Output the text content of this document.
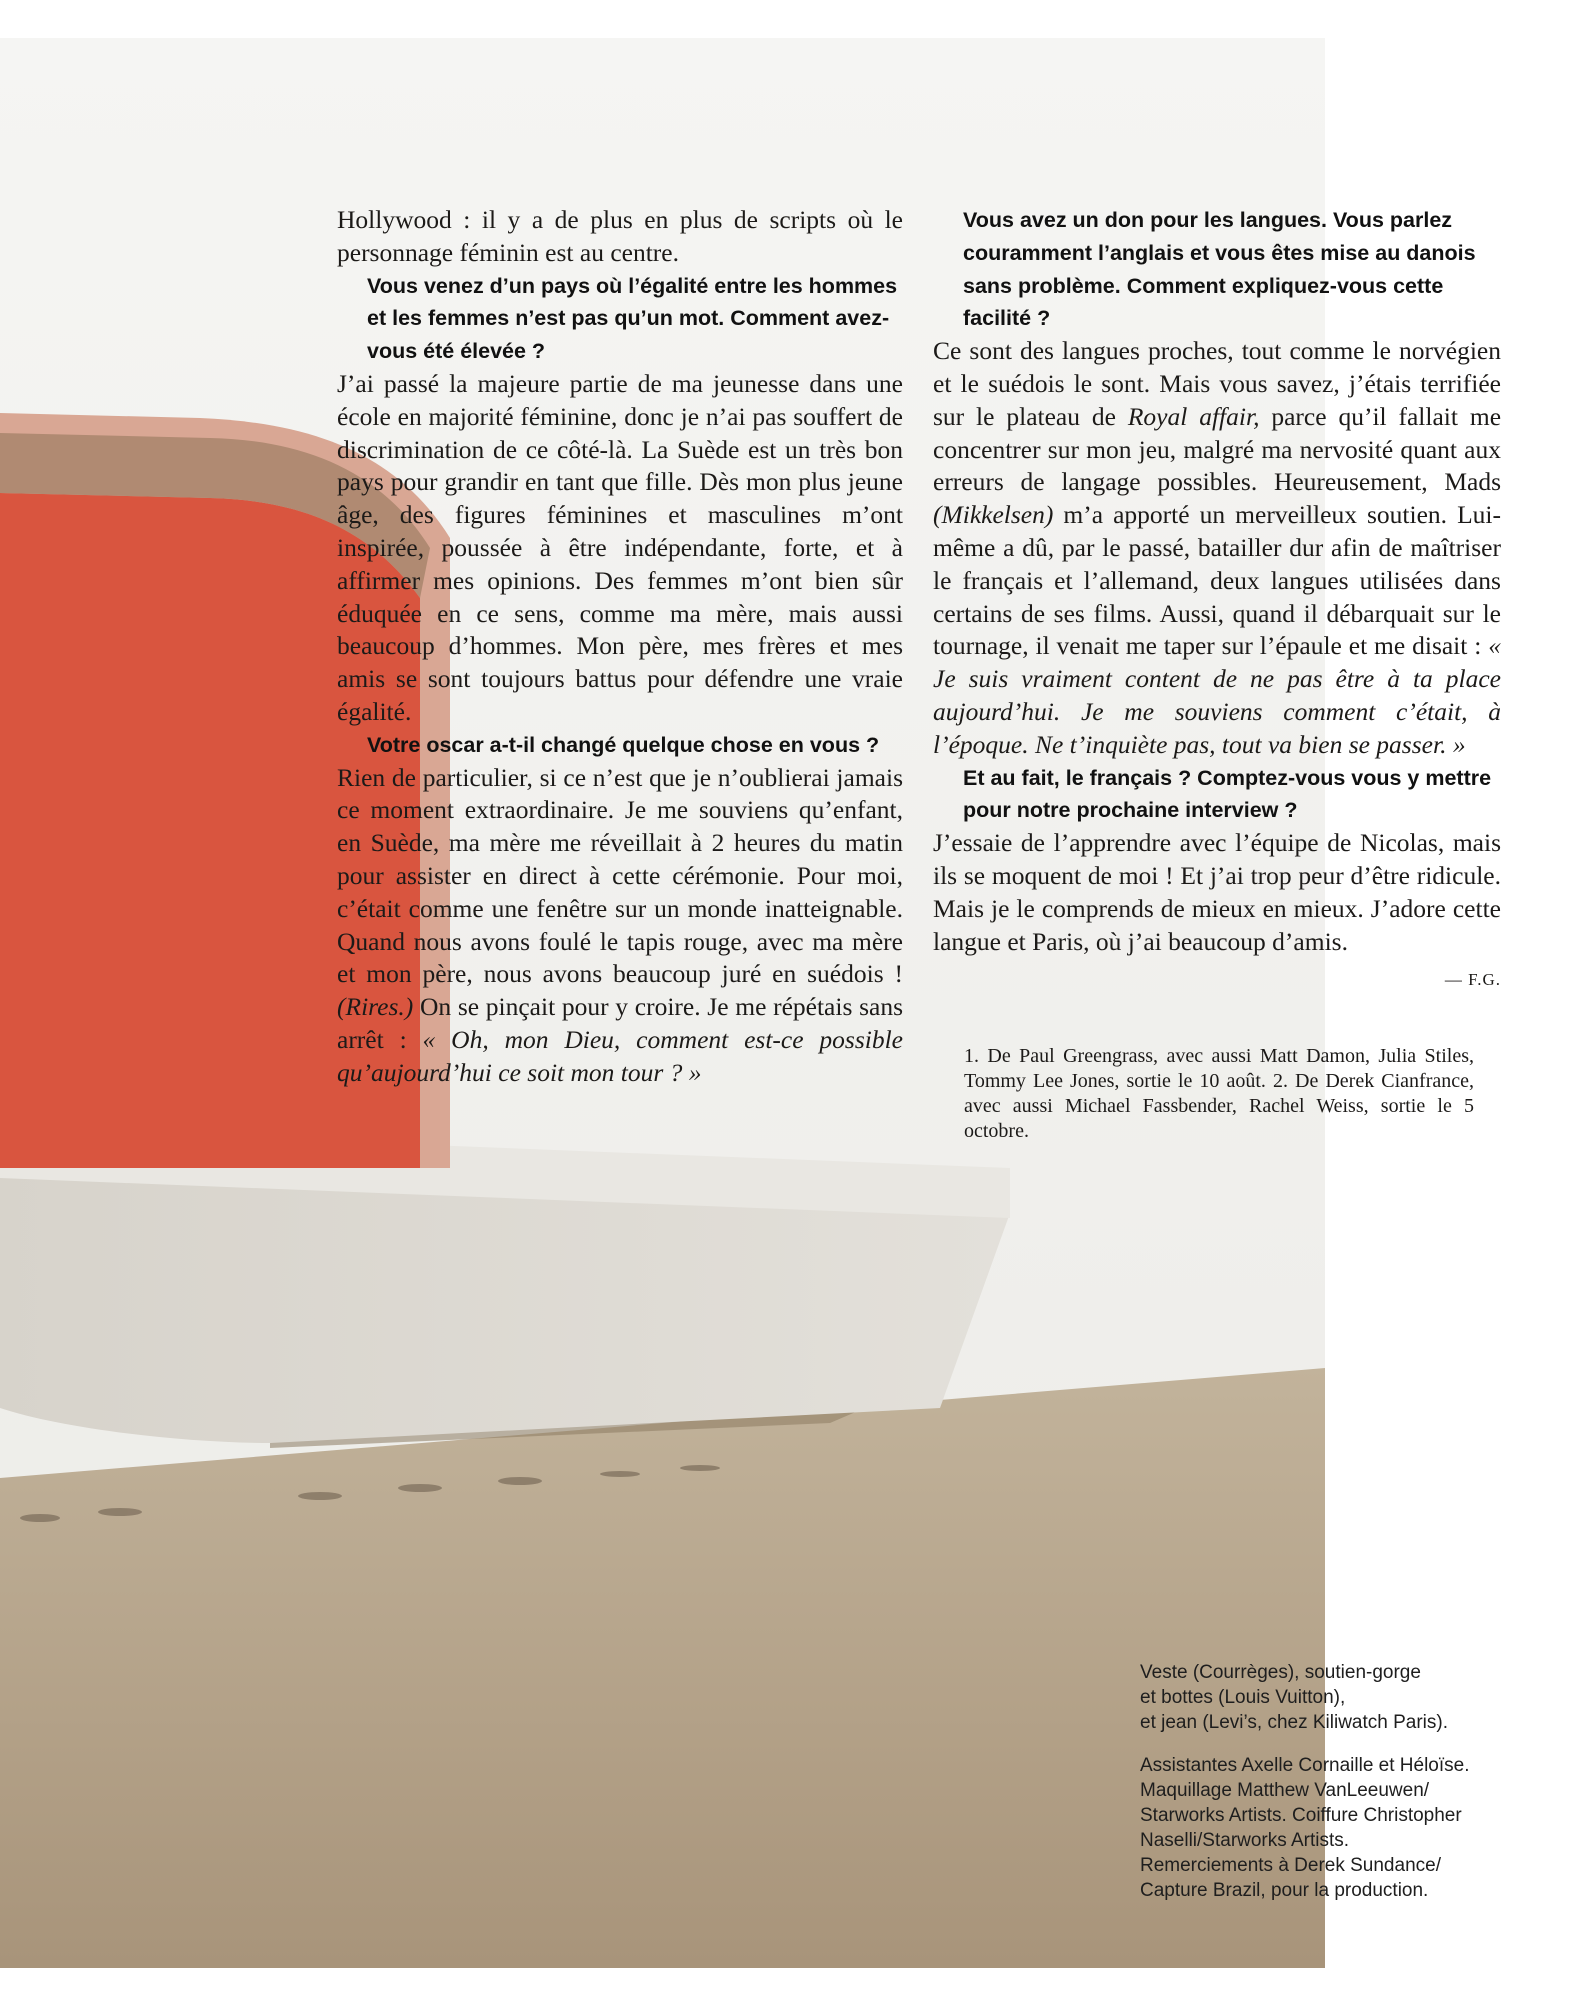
Hollywood : il y a de plus en plus de scripts où le personnage féminin est au centre.

Vous venez d’un pays où l’égalité entre les hommes et les femmes n’est pas qu’un mot. Comment avez-vous été élevée ?

J’ai passé la majeure partie de ma jeunesse dans une école en majorité féminine, donc je n’ai pas souffert de discrimination de ce côté-là. La Suède est un très bon pays pour grandir en tant que fille. Dès mon plus jeune âge, des figures féminines et masculines m’ont inspirée, poussée à être indépendante, forte, et à affirmer mes opinions. Des femmes m’ont bien sûr éduquée en ce sens, comme ma mère, mais aussi beaucoup d’hommes. Mon père, mes frères et mes amis se sont toujours battus pour défendre une vraie égalité.

Votre oscar a-t-il changé quelque chose en vous ?

Rien de particulier, si ce n’est que je n’oublierai jamais ce moment extraordinaire. Je me souviens qu’enfant, en Suède, ma mère me réveillait à 2 heures du matin pour assister en direct à cette cérémonie. Pour moi, c’était comme une fenêtre sur un monde inatteignable. Quand nous avons foulé le tapis rouge, avec ma mère et mon père, nous avons beaucoup juré en suédois ! (Rires.) On se pinçait pour y croire. Je me répétais sans arrêt : « Oh, mon Dieu, comment est-ce possible qu’aujourd’hui ce soit mon tour ? »

Vous avez un don pour les langues. Vous parlez couramment l’anglais et vous êtes mise au danois sans problème. Comment expliquez-vous cette facilité ?

Ce sont des langues proches, tout comme le norvégien et le suédois le sont. Mais vous savez, j’étais terrifiée sur le plateau de Royal affair, parce qu’il fallait me concentrer sur mon jeu, malgré ma nervosité quant aux erreurs de langage possibles. Heureusement, Mads (Mikkelsen) m’a apporté un merveilleux soutien. Lui-même a dû, par le passé, batailler dur afin de maîtriser le français et l’allemand, deux langues utilisées dans certains de ses films. Aussi, quand il débarquait sur le tournage, il venait me taper sur l’épaule et me disait : « Je suis vraiment content de ne pas être à ta place aujourd’hui. Je me souviens comment c’était, à l’époque. Ne t’inquiète pas, tout va bien se passer. »

Et au fait, le français ? Comptez-vous vous y mettre pour notre prochaine interview ?

J’essaie de l’apprendre avec l’équipe de Nicolas, mais ils se moquent de moi ! Et j’ai trop peur d’être ridicule. Mais je le comprends de mieux en mieux. J’adore cette langue et Paris, où j’ai beaucoup d’amis.

— F.G.

1. De Paul Greengrass, avec aussi Matt Damon, Julia Stiles, Tommy Lee Jones, sortie le 10 août. 2. De Derek Cianfrance, avec aussi Michael Fassbender, Rachel Weiss, sortie le 5 octobre.

Veste (Courrèges), soutien-gorge

et bottes (Louis Vuitton),

et jean (Levi’s, chez Kiliwatch Paris).

Assistantes Axelle Cornaille et Héloïse.

Maquillage Matthew VanLeeuwen/

Starworks Artists. Coiffure Christopher

Naselli/Starworks Artists.

Remerciements à Derek Sundance/

Capture Brazil, pour la production.
